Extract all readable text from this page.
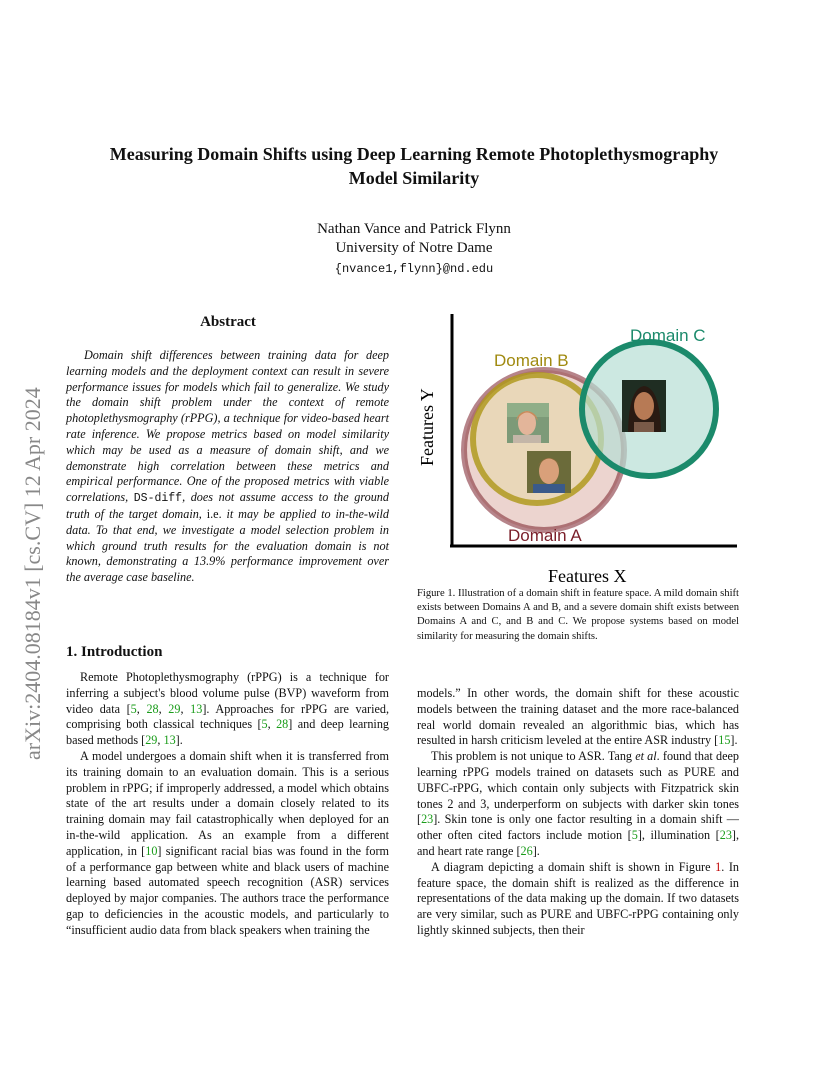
arXiv:2404.08184v1 [cs.CV] 12 Apr 2024
Measuring Domain Shifts using Deep Learning Remote Photoplethysmography
Model Similarity
Nathan Vance and Patrick Flynn
University of Notre Dame
{nvance1,flynn}@nd.edu
Abstract
Domain shift differences between training data for deep learning models and the deployment context can result in severe performance issues for models which fail to generalize. We study the domain shift problem under the context of remote photoplethysmography (rPPG), a technique for video-based heart rate inference. We propose metrics based on model similarity which may be used as a measure of domain shift, and we demonstrate high correlation between these metrics and empirical performance. One of the proposed metrics with viable correlations, DS-diff, does not assume access to the ground truth of the target domain, i.e. it may be applied to in-the-wild data. To that end, we investigate a model selection problem in which ground truth results for the evaluation domain is not known, demonstrating a 13.9% performance improvement over the average case baseline.
1. Introduction

Remote Photoplethysmography (rPPG) is a technique for inferring a subject's blood volume pulse (BVP) waveform from video data [5, 28, 29, 13]. Approaches for rPPG are varied, comprising both classical techniques [5, 28] and deep learning based methods [29, 13].

A model undergoes a domain shift when it is transferred from its training domain to an evaluation domain. This is a serious problem in rPPG; if improperly addressed, a model which obtains state of the art results under a domain closely related to its training domain may fail catastrophically when deployed for an in-the-wild application. As an example from a different application, in [10] significant racial bias was found in the form of a performance gap between white and black users of machine learning based automated speech recognition (ASR) services deployed by major companies. The authors trace the performance gap to deficiencies in the acoustic models, and particularly to “insufficient audio data from black speakers when training the

Domain A
Domain B
Domain C
Features Y
Features X
Figure 1. Illustration of a domain shift in feature space. A mild domain shift exists between Domains A and B, and a severe domain shift exists between Domains A and C, and B and C. We propose systems based on model similarity for measuring the domain shifts.

models.” In other words, the domain shift for these acoustic models between the training dataset and the more race-balanced real world domain revealed an algorithmic bias, which has resulted in harsh criticism leveled at the entire ASR industry [15].

This problem is not unique to ASR. Tang et al. found that deep learning rPPG models trained on datasets such as PURE and UBFC-rPPG, which contain only subjects with Fitzpatrick skin tones 2 and 3, underperform on subjects with darker skin tones [23]. Skin tone is only one factor resulting in a domain shift — other often cited factors include motion [5], illumination [23], and heart rate range [26].

A diagram depicting a domain shift is shown in Figure 1. In feature space, the domain shift is realized as the difference in representations of the data making up the domain. If two datasets are very similar, such as PURE and UBFC-rPPG containing only lightly skinned subjects, then their
